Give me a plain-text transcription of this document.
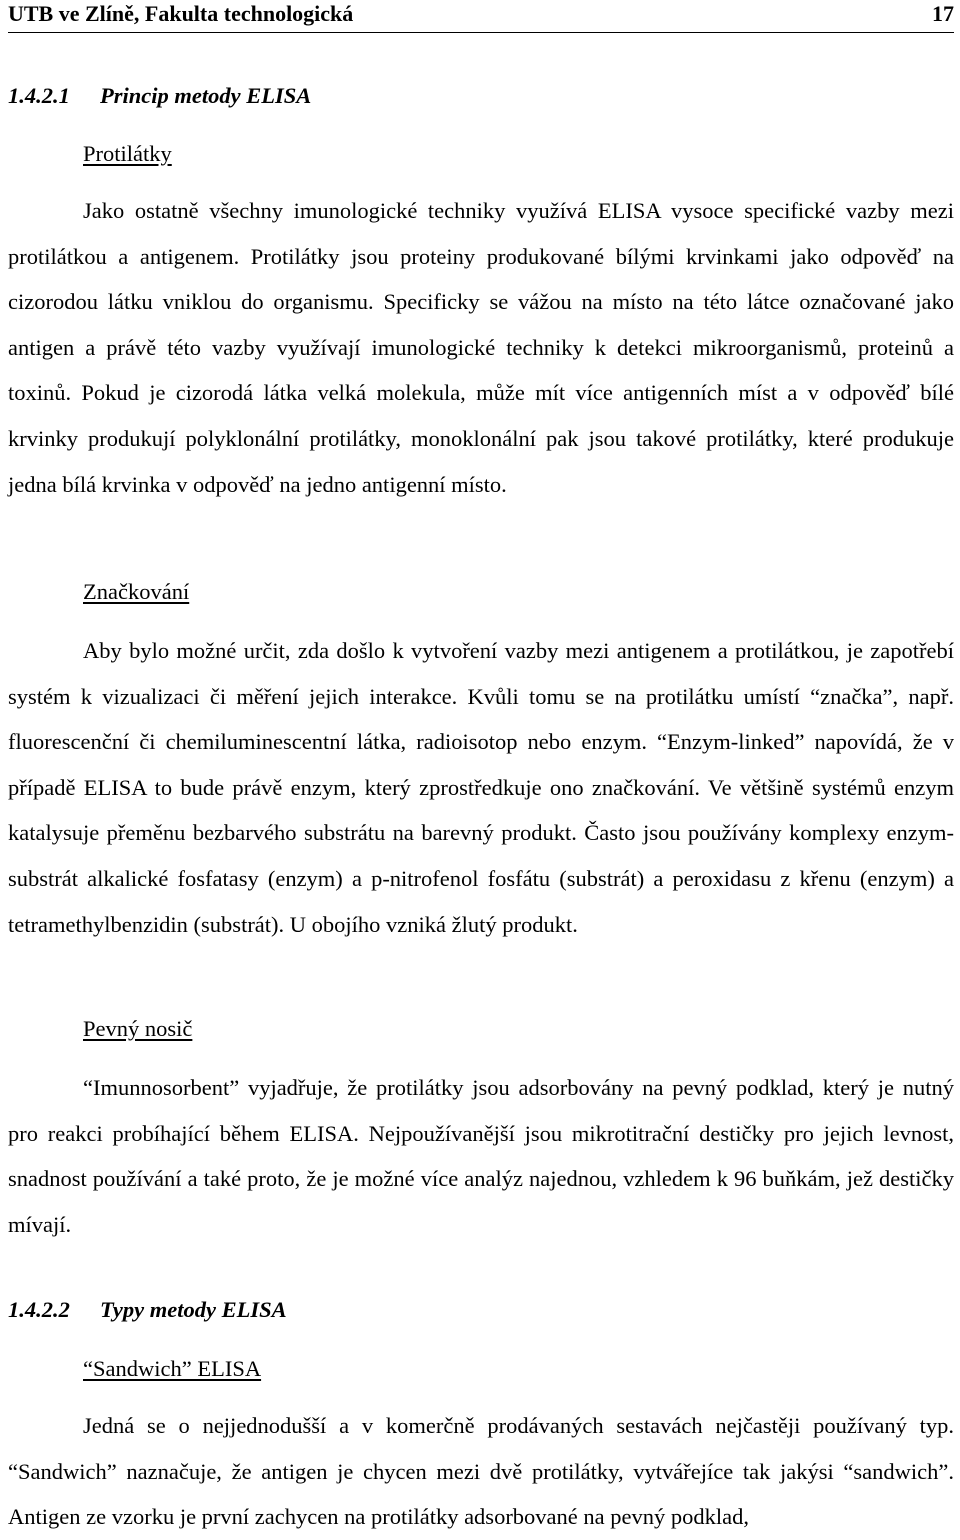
UTB ve Zlíně, Fakulta technologická	17
1.4.2.1 Princip metody ELISA
Protilátky

Jako ostatně všechny imunologické techniky využívá ELISA vysoce specifické vazby mezi protilátkou a antigenem. Protilátky jsou proteiny produkované bílými krvinkami jako odpověď na cizorodou látku vniklou do organismu. Specificky se vážou na místo na této látce označované jako antigen a právě této vazby využívají imunologické techniky k detekci mikroorganismů, proteinů a toxinů. Pokud je cizorodá látka velká molekula, může mít více antigenních míst a v odpověď bílé krvinky produkují polyklonální protilátky, monoklonální pak jsou takové protilátky, které produkuje jedna bílá krvinka v odpověď na jedno antigenní místo.

Značkování

Aby bylo možné určit, zda došlo k vytvoření vazby mezi antigenem a protilátkou, je zapotřebí systém k vizualizaci či měření jejich interakce. Kvůli tomu se na protilátku umístí “značka”, např. fluorescenční či chemiluminescentní látka, radioisotop nebo enzym. “Enzym-linked” napovídá, že v případě ELISA to bude právě enzym, který zprostředkuje ono značkování. Ve většině systémů enzym katalysuje přeměnu bezbarvého substrátu na barevný produkt. Často jsou používány komplexy enzym-substrát alkalické fosfatasy (enzym) a p-nitrofenol fosfátu (substrát) a peroxidasu z křenu (enzym) a tetramethylbenzidin (substrát). U obojího vzniká žlutý produkt.

Pevný nosič

“Imunnosorbent” vyjadřuje, že protilátky jsou adsorbovány na pevný podklad, který je nutný pro reakci probíhající během ELISA. Nejpoužívanější jsou mikrotitrační destičky pro jejich levnost, snadnost používání a také proto, že je možné více analýz najednou, vzhledem k 96 buňkám, jež destičky mívají.

1.4.2.2 Typy metody ELISA
“Sandwich” ELISA

Jedná se o nejjednodušší a v komerčně prodávaných sestavách nejčastěji používaný typ. “Sandwich” naznačuje, že antigen je chycen mezi dvě protilátky, vytvářejíce tak jakýsi “sandwich”. Antigen ze vzorku je první zachycen na protilátky adsorbované na pevný podklad,
